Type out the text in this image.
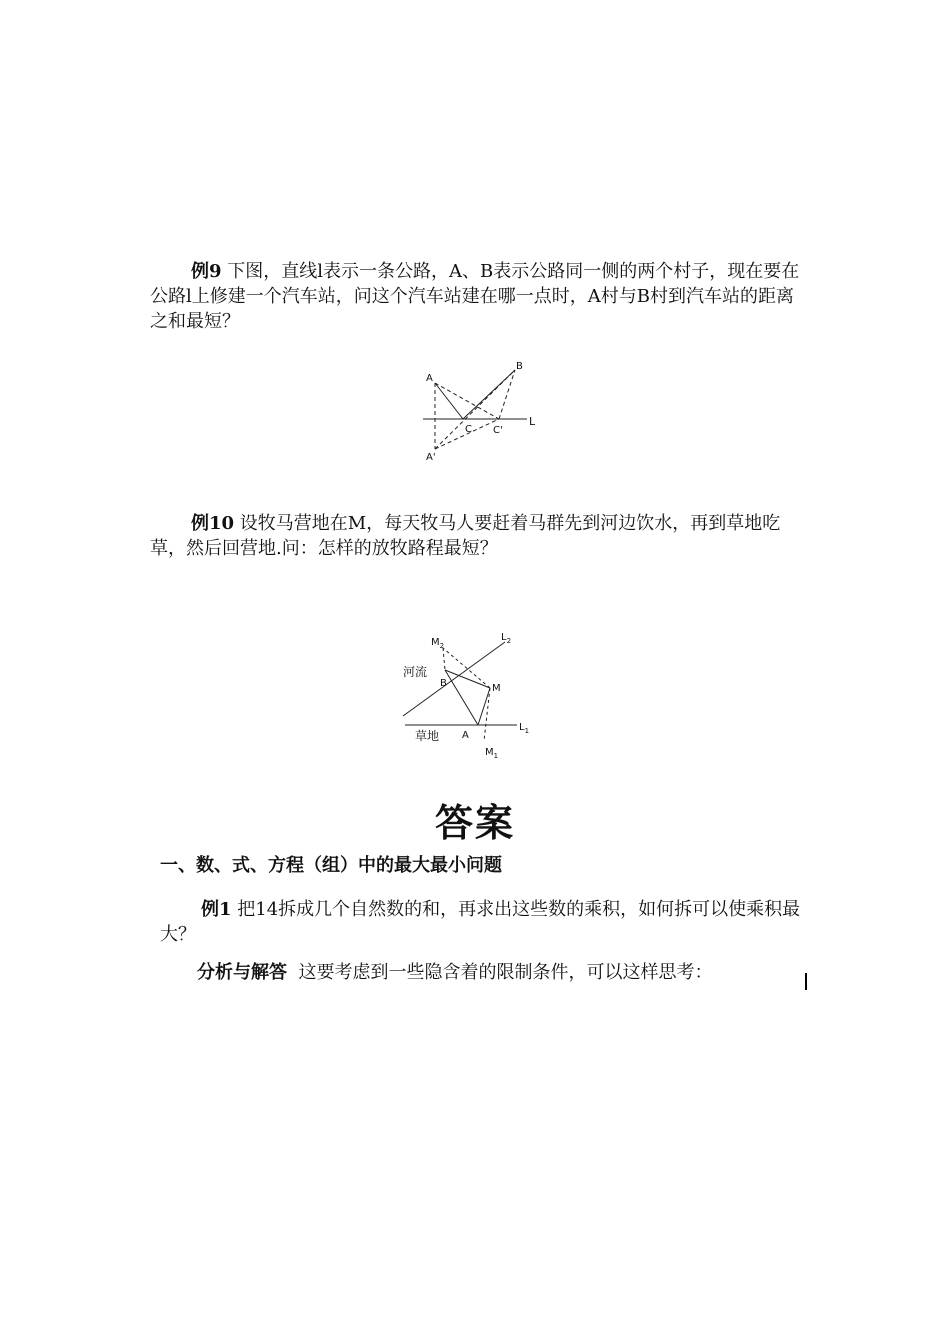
例9 下图，直线l表示一条公路，A、B表示公路同一侧的两个村子，现在要在公路l上修建一个汽车站，问这个汽车站建在哪一点时，A村与B村到汽车站的距离之和最短？
A
B
C C'
L
A'
例10 设牧马营地在M，每天牧马人要赶着马群先到河边饮水，再到草地吃草，然后回营地.问：怎样的放牧路程最短？
$M_2$
$L_2$
河流
B	M
草地 A
$L_1$
$M_1$
答案
一、数、式、方程（组）中的最大最小问题
例1 把14拆成几个自然数的和，再求出这些数的乘积，如何拆可以使乘积最大？
分析与解答 这要考虑到一些隐含着的限制条件，可以这样思考：
